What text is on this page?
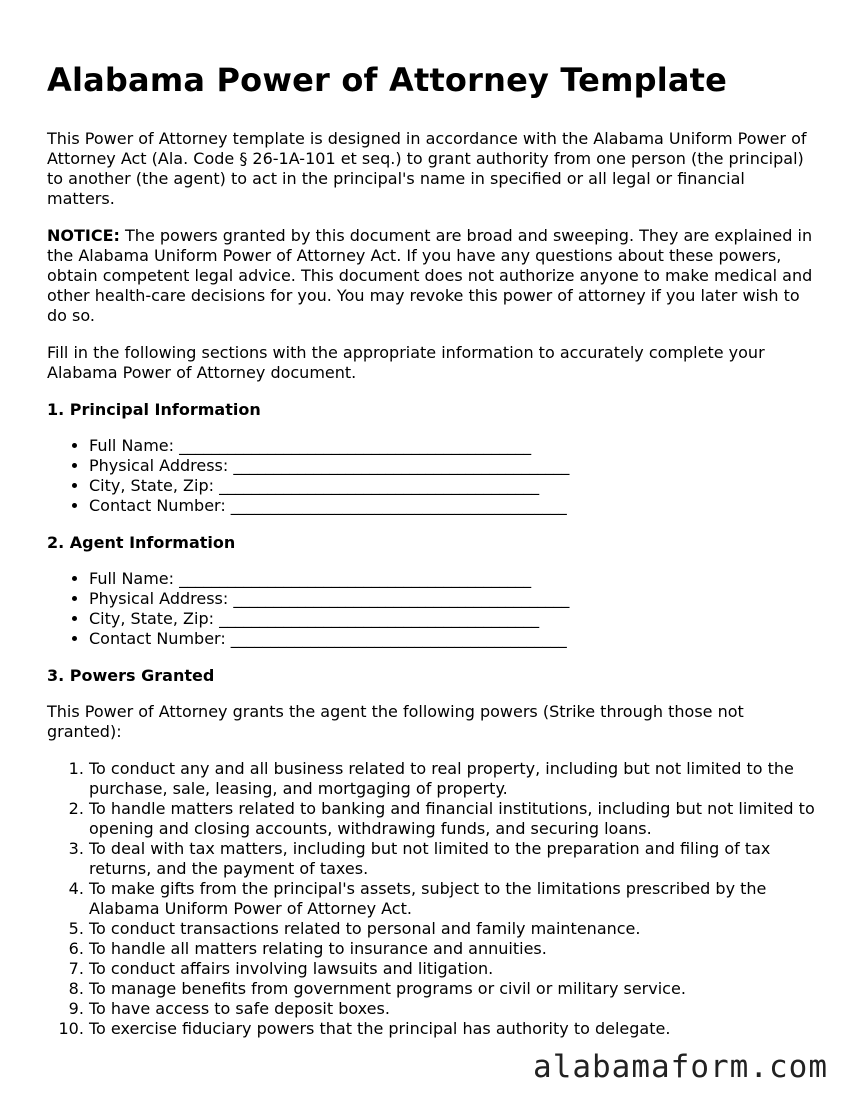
Alabama Power of Attorney Template

This Power of Attorney template is designed in accordance with the Alabama Uniform Power of Attorney Act (Ala. Code § 26-1A-101 et seq.) to grant authority from one person (the principal) to another (the agent) to act in the principal's name in specified or all legal or financial matters.

NOTICE: The powers granted by this document are broad and sweeping. They are explained in the Alabama Uniform Power of Attorney Act. If you have any questions about these powers, obtain competent legal advice. This document does not authorize anyone to make medical and other health-care decisions for you. You may revoke this power of attorney if you later wish to do so.

Fill in the following sections with the appropriate information to accurately complete your Alabama Power of Attorney document.

1. Principal Information
• Full Name: ____________________________________________
• Physical Address: __________________________________________
• City, State, Zip: ________________________________________
• Contact Number: __________________________________________
2. Agent Information
• Full Name: ____________________________________________
• Physical Address: __________________________________________
• City, State, Zip: ________________________________________
• Contact Number: __________________________________________
3. Powers Granted

This Power of Attorney grants the agent the following powers (Strike through those not granted):

1. To conduct any and all business related to real property, including but not limited to the purchase, sale, leasing, and mortgaging of property.
2. To handle matters related to banking and financial institutions, including but not limited to opening and closing accounts, withdrawing funds, and securing loans.
3. To deal with tax matters, including but not limited to the preparation and filing of tax returns, and the payment of taxes.
4. To make gifts from the principal's assets, subject to the limitations prescribed by the Alabama Uniform Power of Attorney Act.
5. To conduct transactions related to personal and family maintenance.
6. To handle all matters relating to insurance and annuities.
7. To conduct affairs involving lawsuits and litigation.
8. To manage benefits from government programs or civil or military service.
9. To have access to safe deposit boxes.
10. To exercise fiduciary powers that the principal has authority to delegate.
alabamaform.com
